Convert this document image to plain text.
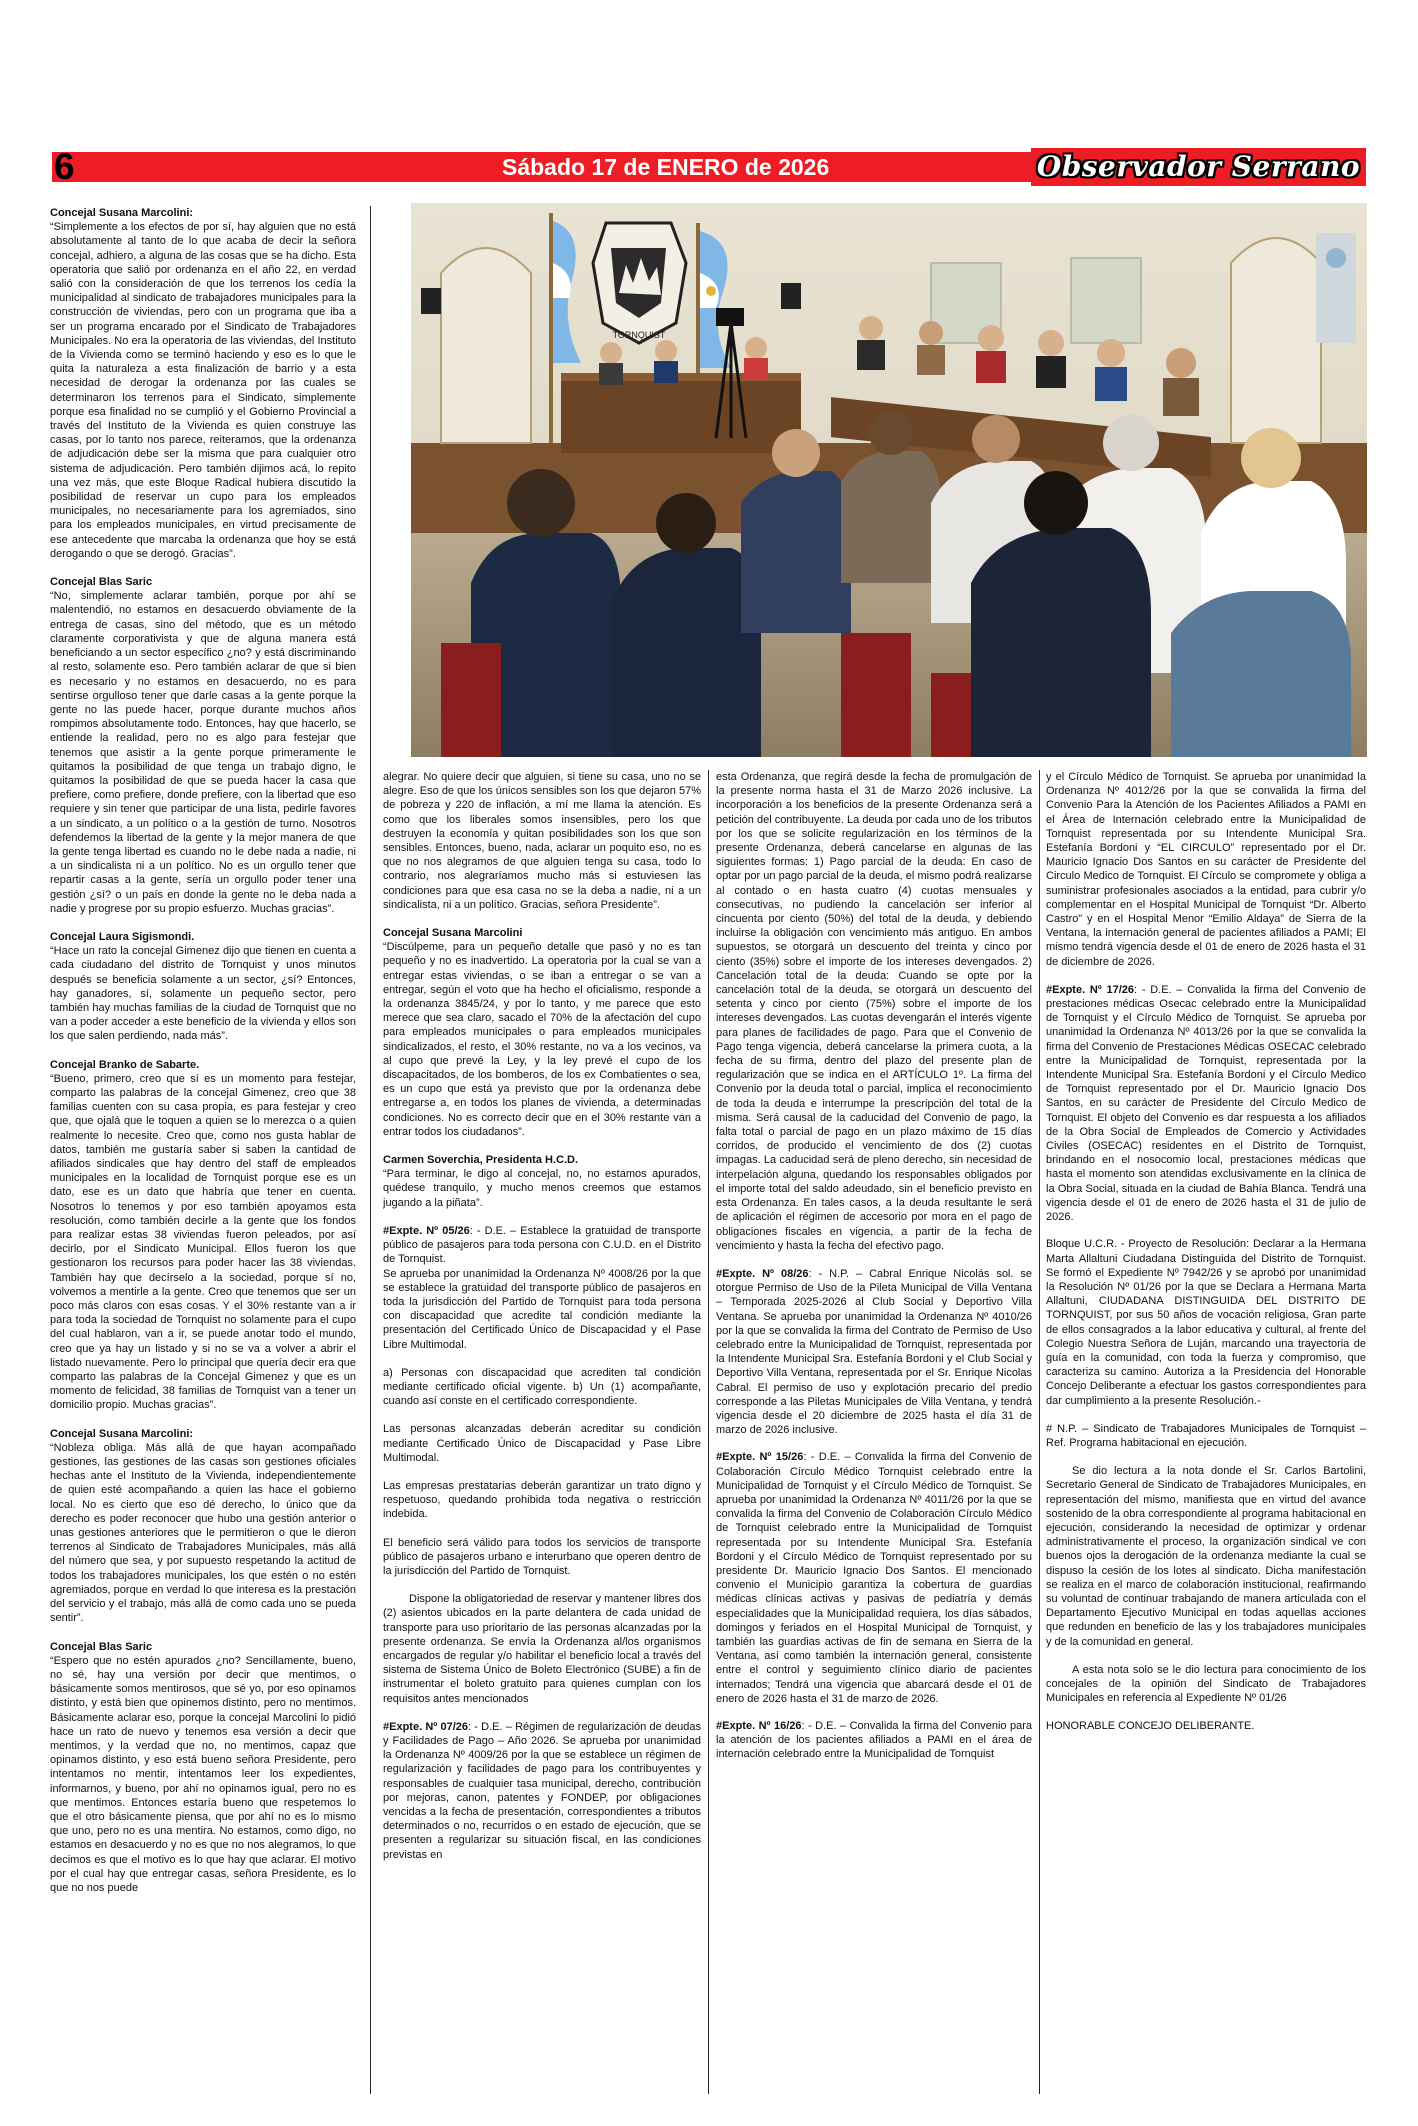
6	Sábado 17 de ENERO de 2026	Observador Serrano

Concejal Susana Marcolini:

“Simplemente a los efectos de por sí, hay alguien que no está absolutamente al tanto de lo que acaba de decir la señora concejal, adhiero, a alguna de las cosas que se ha dicho. Esta operatoria que salió por ordenanza en el año 22, en verdad salió con la consideración de que los terrenos los cedía la municipalidad al sindicato de trabajadores municipales para la construcción de viviendas, pero con un programa que iba a ser un programa encarado por el Sindicato de Trabajadores Municipales. No era la operatoria de las viviendas, del Instituto de la Vivienda como se terminó haciendo y eso es lo que le quita la naturaleza a esta finalización de barrio y a esta necesidad de derogar la ordenanza por las cuales se determinaron los terrenos para el Sindicato, simplemente porque esa finalidad no se cumplió y el Gobierno Provincial a través del Instituto de la Vivienda es quien construye las casas, por lo tanto nos parece, reiteramos, que la ordenanza de adjudicación debe ser la misma que para cualquier otro sistema de adjudicación. Pero también dijimos acá, lo repito una vez más, que este Bloque Radical hubiera discutido la posibilidad de reservar un cupo para los empleados municipales, no necesariamente para los agremiados, sino para los empleados municipales, en virtud precisamente de ese antecedente que marcaba la ordenanza que hoy se está derogando o que se derogó. Gracias”.

Concejal Blas Saric

“No, simplemente aclarar también, porque por ahí se malentendió, no estamos en desacuerdo obviamente de la entrega de casas, sino del método, que es un método claramente corporativista y que de alguna manera está beneficiando a un sector específico ¿no? y está discriminando al resto, solamente eso. Pero también aclarar de que si bien es necesario y no estamos en desacuerdo, no es para sentirse orgulloso tener que darle casas a la gente porque la gente no las puede hacer, porque durante muchos años rompimos absolutamente todo. Entonces, hay que hacerlo, se entiende la realidad, pero no es algo para festejar que tenemos que asistir a la gente porque primeramente le quitamos la posibilidad de que tenga un trabajo digno, le quitamos la posibilidad de que se pueda hacer la casa que prefiere, como prefiere, donde prefiere, con la libertad que eso requiere y sin tener que participar de una lista, pedirle favores a un sindicato, a un político o a la gestión de turno. Nosotros defendemos la libertad de la gente y la mejor manera de que la gente tenga libertad es cuando no le debe nada a nadie, ni a un sindicalista ni a un político. No es un orgullo tener que repartir casas a la gente, sería un orgullo poder tener una gestión ¿sí? o un país en donde la gente no le deba nada a nadie y progrese por su propio esfuerzo. Muchas gracias”.

Concejal Laura Sigismondi.

“Hace un rato la concejal Gimenez dijo que tienen en cuenta a cada ciudadano del distrito de Tornquist y unos minutos después se beneficia solamente a un sector, ¿sí? Entonces, hay ganadores, sí, solamente un pequeño sector, pero también hay muchas familias de la ciudad de Tornquist que no van a poder acceder a este beneficio de la vivienda y ellos son los que salen perdiendo, nada más”.

Concejal Branko de Sabarte.

“Bueno, primero, creo que sí es un momento para festejar, comparto las palabras de la concejal Gimenez, creo que 38 familias cuenten con su casa propia, es para festejar y creo que, que ojalá que le toquen a quien se lo merezca o a quien realmente lo necesite. Creo que, como nos gusta hablar de datos, también me gustaría saber si saben la cantidad de afiliados sindicales que hay dentro del staff de empleados municipales en la localidad de Tornquist porque ese es un dato, ese es un dato que habría que tener en cuenta. Nosotros lo tenemos y por eso también apoyamos esta resolución, como también decirle a la gente que los fondos para realizar estas 38 viviendas fueron peleados, por así decirlo, por el Sindicato Municipal. Ellos fueron los que gestionaron los recursos para poder hacer las 38 viviendas. También hay que decírselo a la sociedad, porque sí no, volvemos a mentirle a la gente. Creo que tenemos que ser un poco más claros con esas cosas. Y el 30% restante van a ir para toda la sociedad de Tornquist no solamente para el cupo del cual hablaron, van a ir, se puede anotar todo el mundo, creo que ya hay un listado y si no se va a volver a abrir el listado nuevamente. Pero lo principal que quería decir era que comparto las palabras de la Concejal Gimenez y que es un momento de felicidad, 38 familias de Tornquist van a tener un domicilio propio. Muchas gracias”.

Concejal Susana Marcolini:

“Nobleza obliga. Más allá de que hayan acompañado gestiones, las gestiones de las casas son gestiones oficiales hechas ante el Instituto de la Vivienda, independientemente de quien esté acompañando a quien las hace el gobierno local. No es cierto que eso dé derecho, lo único que da derecho es poder reconocer que hubo una gestión anterior o unas gestiones anteriores que le permitieron o que le dieron terrenos al Sindicato de Trabajadores Municipales, más allá del número que sea, y por supuesto respetando la actitud de todos los trabajadores municipales, los que estén o no estén agremiados, porque en verdad lo que interesa es la prestación del servicio y el trabajo, más allá de como cada uno se pueda sentir”.

Concejal Blas Saric

“Espero que no estén apurados ¿no? Sencillamente, bueno, no sé, hay una versión por decir que mentimos, o básicamente somos mentirosos, que sé yo, por eso opinamos distinto, y está bien que opinemos distinto, pero no mentimos. Básicamente aclarar eso, porque la concejal Marcolini lo pidió hace un rato de nuevo y tenemos esa versión a decir que mentimos, y la verdad que no, no mentimos, capaz que opinamos distinto, y eso está bueno señora Presidente, pero intentamos no mentir, intentamos leer los expedientes, informarnos, y bueno, por ahí no opinamos igual, pero no es que mentimos. Entonces estaría bueno que respetemos lo que el otro básicamente piensa, que por ahí no es lo mismo que uno, pero no es una mentira. No estamos, como digo, no estamos en desacuerdo y no es que no nos alegramos, lo que decimos es que el motivo es lo que hay que aclarar. El motivo por el cual hay que entregar casas, señora Presidente, es lo que no nos puede

TORNQUIST

alegrar. No quiere decir que alguien, si tiene su casa, uno no se alegre. Eso de que los únicos sensibles son los que dejaron 57% de pobreza y 220 de inflación, a mí me llama la atención. Es como que los liberales somos insensibles, pero los que destruyen la economía y quitan posibilidades son los que son sensibles. Entonces, bueno, nada, aclarar un poquito eso, no es que no nos alegramos de que alguien tenga su casa, todo lo contrario, nos alegraríamos mucho más si estuviesen las condiciones para que esa casa no se la deba a nadie, ni a un sindicalista, ni a un político. Gracias, señora Presidente”.

Concejal Susana Marcolini

“Discúlpeme, para un pequeño detalle que pasó y no es tan pequeño y no es inadvertido. La operatoria por la cual se van a entregar estas viviendas, o se iban a entregar o se van a entregar, según el voto que ha hecho el oficialismo, responde a la ordenanza 3845/24, y por lo tanto, y me parece que esto merece que sea claro, sacado el 70% de la afectación del cupo para empleados municipales o para empleados municipales sindicalizados, el resto, el 30% restante, no va a los vecinos, va al cupo que prevé la Ley, y la ley prevé el cupo de los discapacitados, de los bomberos, de los ex Combatientes o sea, es un cupo que está ya previsto que por la ordenanza debe entregarse a, en todos los planes de vivienda, a determinadas condiciones. No es correcto decir que en el 30% restante van a entrar todos los ciudadanos”.

Carmen Soverchia, Presidenta H.C.D.

“Para terminar, le digo al concejal, no, no estamos apurados, quédese tranquilo, y mucho menos creemos que estamos jugando a la piñata”.

#Expte. Nº 05/26: - D.E. – Establece la gratuidad de transporte público de pasajeros para toda persona con C.U.D. en el Distrito de Tornquist.

Se aprueba por unanimidad la Ordenanza Nº 4008/26 por la que se establece la gratuidad del transporte público de pasajeros en toda la jurisdicción del Partido de Tornquist para toda persona con discapacidad que acredite tal condición mediante la presentación del Certificado Único de Discapacidad y el Pase Libre Multimodal.

a) Personas con discapacidad que acrediten tal condición mediante certificado oficial vigente. b) Un (1) acompañante, cuando así conste en el certificado correspondiente.

Las personas alcanzadas deberán acreditar su condición mediante Certificado Único de Discapacidad y Pase Libre Multimodal.

Las empresas prestatarias deberán garantizar un trato digno y respetuoso, quedando prohibida toda negativa o restricción indebida.

El beneficio será válido para todos los servicios de transporte público de pasajeros urbano e interurbano que operen dentro de la jurisdicción del Partido de Tornquist.

Dispone la obligatoriedad de reservar y mantener libres dos (2) asientos ubicados en la parte delantera de cada unidad de transporte para uso prioritario de las personas alcanzadas por la presente ordenanza. Se envía la Ordenanza al/los organismos encargados de regular y/o habilitar el beneficio local a través del sistema de Sistema Único de Boleto Electrónico (SUBE) a fin de instrumentar el boleto gratuito para quienes cumplan con los requisitos antes mencionados

#Expte. Nº 07/26: - D.E. – Régimen de regularización de deudas y Facilidades de Pago – Año 2026. Se aprueba por unanimidad la Ordenanza Nº 4009/26 por la que se establece un régimen de regularización y facilidades de pago para los contribuyentes y responsables de cualquier tasa municipal, derecho, contribución por mejoras, canon, patentes y FONDEP, por obligaciones vencidas a la fecha de presentación, correspondientes a tributos determinados o no, recurridos o en estado de ejecución, que se presenten a regularizar su situación fiscal, en las condiciones previstas en

esta Ordenanza, que regirá desde la fecha de promulgación de la presente norma hasta el 31 de Marzo 2026 inclusive. La incorporación a los beneficios de la presente Ordenanza será a petición del contribuyente. La deuda por cada uno de los tributos por los que se solicite regularización en los términos de la presente Ordenanza, deberá cancelarse en algunas de las siguientes formas: 1) Pago parcial de la deuda: En caso de optar por un pago parcial de la deuda, el mismo podrá realizarse al contado o en hasta cuatro (4) cuotas mensuales y consecutivas, no pudiendo la cancelación ser inferior al cincuenta por ciento (50%) del total de la deuda, y debiendo incluirse la obligación con vencimiento más antiguo. En ambos supuestos, se otorgará un descuento del treinta y cinco por ciento (35%) sobre el importe de los intereses devengados. 2) Cancelación total de la deuda: Cuando se opte por la cancelación total de la deuda, se otorgará un descuento del setenta y cinco por ciento (75%) sobre el importe de los intereses devengados. Las cuotas devengarán el interés vigente para planes de facilidades de pago. Para que el Convenio de Pago tenga vigencia, deberá cancelarse la primera cuota, a la fecha de su firma, dentro del plazo del presente plan de regularización que se indica en el ARTÍCULO 1º. La firma del Convenio por la deuda total o parcial, implica el reconocimiento de toda la deuda e interrumpe la prescripción del total de la misma. Será causal de la caducidad del Convenio de pago, la falta total o parcial de pago en un plazo máximo de 15 días corridos, de producido el vencimiento de dos (2) cuotas impagas. La caducidad será de pleno derecho, sin necesidad de interpelación alguna, quedando los responsables obligados por el importe total del saldo adeudado, sin el beneficio previsto en esta Ordenanza. En tales casos, a la deuda resultante le será de aplicación el régimen de accesorio por mora en el pago de obligaciones fiscales en vigencia, a partir de la fecha de vencimiento y hasta la fecha del efectivo pago.

#Expte. Nº 08/26: - N.P. – Cabral Enrique Nicolás sol. se otorgue Permiso de Uso de la Pileta Municipal de Villa Ventana – Temporada 2025-2026 al Club Social y Deportivo Villa Ventana. Se aprueba por unanimidad la Ordenanza Nº 4010/26 por la que se convalida la firma del Contrato de Permiso de Uso celebrado entre la Municipalidad de Tornquist, representada por la Intendente Municipal Sra. Estefanía Bordoni y el Club Social y Deportivo Villa Ventana, representada por el Sr. Enrique Nicolas Cabral. El permiso de uso y explotación precario del predio corresponde a las Piletas Municipales de Villa Ventana, y tendrá vigencia desde el 20 diciembre de 2025 hasta el día 31 de marzo de 2026 inclusive.

#Expte. Nº 15/26: - D.E. – Convalida la firma del Convenio de Colaboración Círculo Médico Tornquist celebrado entre la Municipalidad de Tornquist y el Círculo Médico de Tornquist. Se aprueba por unanimidad la Ordenanza Nº 4011/26 por la que se convalida la firma del Convenio de Colaboración Círculo Médico de Tornquist celebrado entre la Municipalidad de Tornquist representada por su Intendente Municipal Sra. Estefanía Bordoni y el Círculo Médico de Tornquist representado por su presidente Dr. Mauricio Ignacio Dos Santos. El mencionado convenio el Municipio garantiza la cobertura de guardias médicas clínicas activas y pasivas de pediatría y demás especialidades que la Municipalidad requiera, los días sábados, domingos y feriados en el Hospital Municipal de Tornquist, y también las guardias activas de fin de semana en Sierra de la Ventana, así como también la internación general, consistente entre el control y seguimiento clínico diario de pacientes internados; Tendrá una vigencia que abarcará desde el 01 de enero de 2026 hasta el 31 de marzo de 2026.

#Expte. Nº 16/26: - D.E. – Convalida la firma del Convenio para la atención de los pacientes afiliados a PAMI en el área de internación celebrado entre la Municipalidad de Tornquist

y el Círculo Médico de Tornquist. Se aprueba por unanimidad la Ordenanza Nº 4012/26 por la que se convalida la firma del Convenio Para la Atención de los Pacientes Afiliados a PAMI en el Área de Internación celebrado entre la Municipalidad de Tornquist representada por su Intendente Municipal Sra. Estefanía Bordoni y “EL CIRCULO” representado por el Dr. Mauricio Ignacio Dos Santos en su carácter de Presidente del Circulo Medico de Tornquist. El Círculo se compromete y obliga a suministrar profesionales asociados a la entidad, para cubrir y/o complementar en el Hospital Municipal de Tornquist “Dr. Alberto Castro” y en el Hospital Menor “Emilio Aldaya” de Sierra de la Ventana, la internación general de pacientes afiliados a PAMI; El mismo tendrá vigencia desde el 01 de enero de 2026 hasta el 31 de diciembre de 2026.

#Expte. Nº 17/26: - D.E. – Convalida la firma del Convenio de prestaciones médicas Osecac celebrado entre la Municipalidad de Tornquist y el Círculo Médico de Tornquist. Se aprueba por unanimidad la Ordenanza Nº 4013/26 por la que se convalida la firma del Convenio de Prestaciones Médicas OSECAC celebrado entre la Municipalidad de Tornquist, representada por la Intendente Municipal Sra. Estefanía Bordoni y el Círculo Medico de Tornquist representado por el Dr. Mauricio Ignacio Dos Santos, en su carácter de Presidente del Círculo Medico de Tornquist. El objeto del Convenio es dar respuesta a los afiliados de la Obra Social de Empleados de Comercio y Actividades Civiles (OSECAC) residentes en el Distrito de Tornquist, brindando en el nosocomio local, prestaciones médicas que hasta el momento son atendidas exclusivamente en la clínica de la Obra Social, situada en la ciudad de Bahía Blanca. Tendrá una vigencia desde el 01 de enero de 2026 hasta el 31 de julio de 2026.

Bloque U.C.R. - Proyecto de Resolución: Declarar a la Hermana Marta Allaltuni Ciudadana Distinguida del Distrito de Tornquist. Se formó el Expediente Nº 7942/26 y se aprobó por unanimidad la Resolución Nº 01/26 por la que se Declara a Hermana Marta Allaltuni, CIUDADANA DISTINGUIDA DEL DISTRITO DE TORNQUIST, por sus 50 años de vocación religiosa, Gran parte de ellos consagrados a la labor educativa y cultural, al frente del Colegio Nuestra Señora de Luján, marcando una trayectoria de guía en la comunidad, con toda la fuerza y compromiso, que caracteriza su camino. Autoriza a la Presidencia del Honorable Concejo Deliberante a efectuar los gastos correspondientes para dar cumplimiento a la presente Resolución.-

# N.P. – Sindicato de Trabajadores Municipales de Tornquist – Ref. Programa habitacional en ejecución.

Se dio lectura a la nota donde el Sr. Carlos Bartolini, Secretario General de Sindicato de Trabajadores Municipales, en representación del mismo, manifiesta que en virtud del avance sostenido de la obra correspondiente al programa habitacional en ejecución, considerando la necesidad de optimizar y ordenar administrativamente el proceso, la organización sindical ve con buenos ojos la derogación de la ordenanza mediante la cual se dispuso la cesión de los lotes al sindicato. Dicha manifestación se realiza en el marco de colaboración institucional, reafirmando su voluntad de continuar trabajando de manera articulada con el Departamento Ejecutivo Municipal en todas aquellas acciones que redunden en beneficio de las y los trabajadores municipales y de la comunidad en general.

A esta nota solo se le dio lectura para conocimiento de los concejales de la opinión del Sindicato de Trabajadores Municipales en referencia al Expediente Nº 01/26

HONORABLE CONCEJO DELIBERANTE.
